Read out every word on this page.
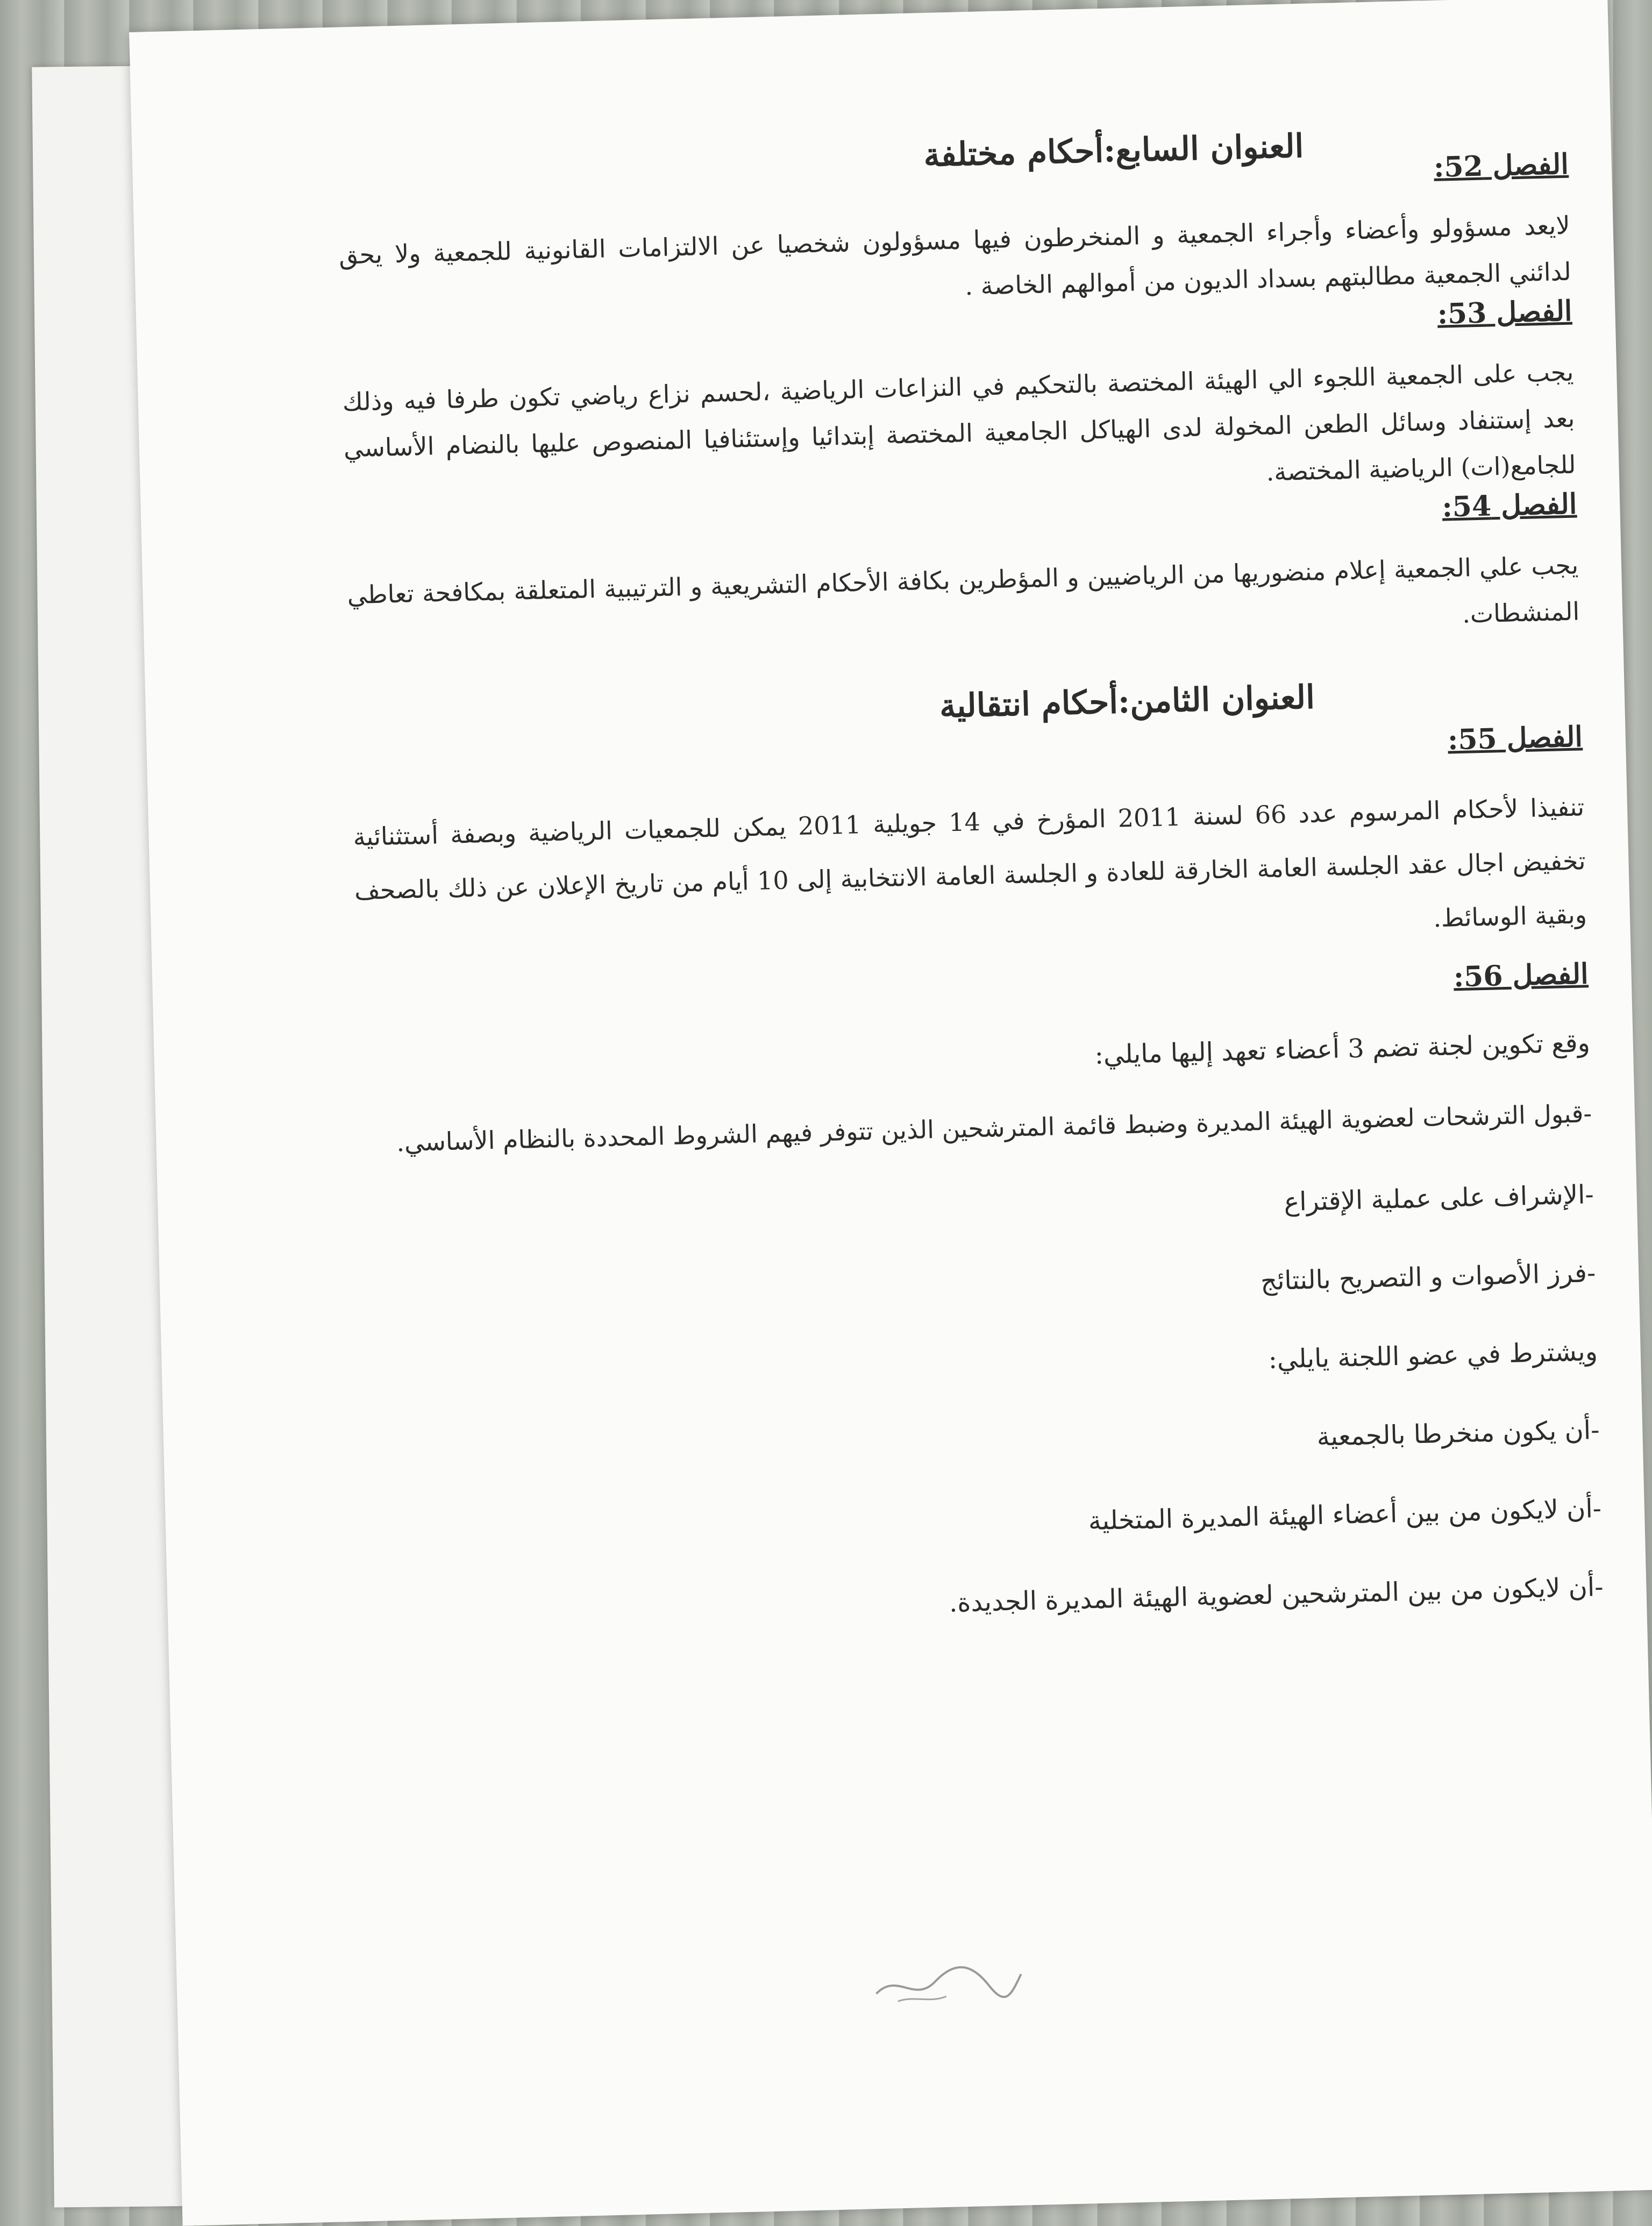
العنوان السابع:أحكام مختلفة	الفصل 52:

لايعد مسؤولو وأعضاء وأجراء الجمعية و المنخرطون فيها مسؤولون شخصيا عن الالتزامات القانونية للجمعية ولا يحق لدائني الجمعية مطالبتهم بسداد الديون من أموالهم الخاصة .

الفصل 53:

يجب على الجمعية اللجوء الي الهيئة المختصة بالتحكيم في النزاعات الرياضية ،لحسم نزاع رياضي تكون طرفا فيه وذلك بعد إستنفاد وسائل الطعن المخولة لدى الهياكل الجامعية المختصة إبتدائيا وإستئنافيا المنصوص عليها بالنضام الأساسي للجامع(ات) الرياضية المختصة.

الفصل 54:

يجب علي الجمعية إعلام منضوريها من الرياضيين و المؤطرين بكافة الأحكام التشريعية و الترتيبية المتعلقة بمكافحة تعاطي المنشطات.

العنوان الثامن:أحكام انتقالية

الفصل 55:

تنفيذا لأحكام المرسوم عدد 66 لسنة 2011 المؤرخ في 14 جويلية 2011 يمكن للجمعيات الرياضية وبصفة أستثنائية تخفيض اجال عقد الجلسة العامة الخارقة للعادة و الجلسة العامة الانتخابية إلى 10 أيام من تاريخ الإعلان عن ذلك بالصحف وبقية الوسائط.

الفصل 56:

وقع تكوين لجنة تضم 3 أعضاء تعهد إليها مايلي:

-قبول الترشحات لعضوية الهيئة المديرة وضبط قائمة المترشحين الذين تتوفر فيهم الشروط المحددة بالنظام الأساسي.

-الإشراف على عملية الإقتراع

-فرز الأصوات و التصريح بالنتائج

ويشترط في عضو اللجنة يايلي:

-أن يكون منخرطا بالجمعية

-أن لايكون من بين أعضاء الهيئة المديرة المتخلية

-أن لايكون من بين المترشحين لعضوية الهيئة المديرة الجديدة.
